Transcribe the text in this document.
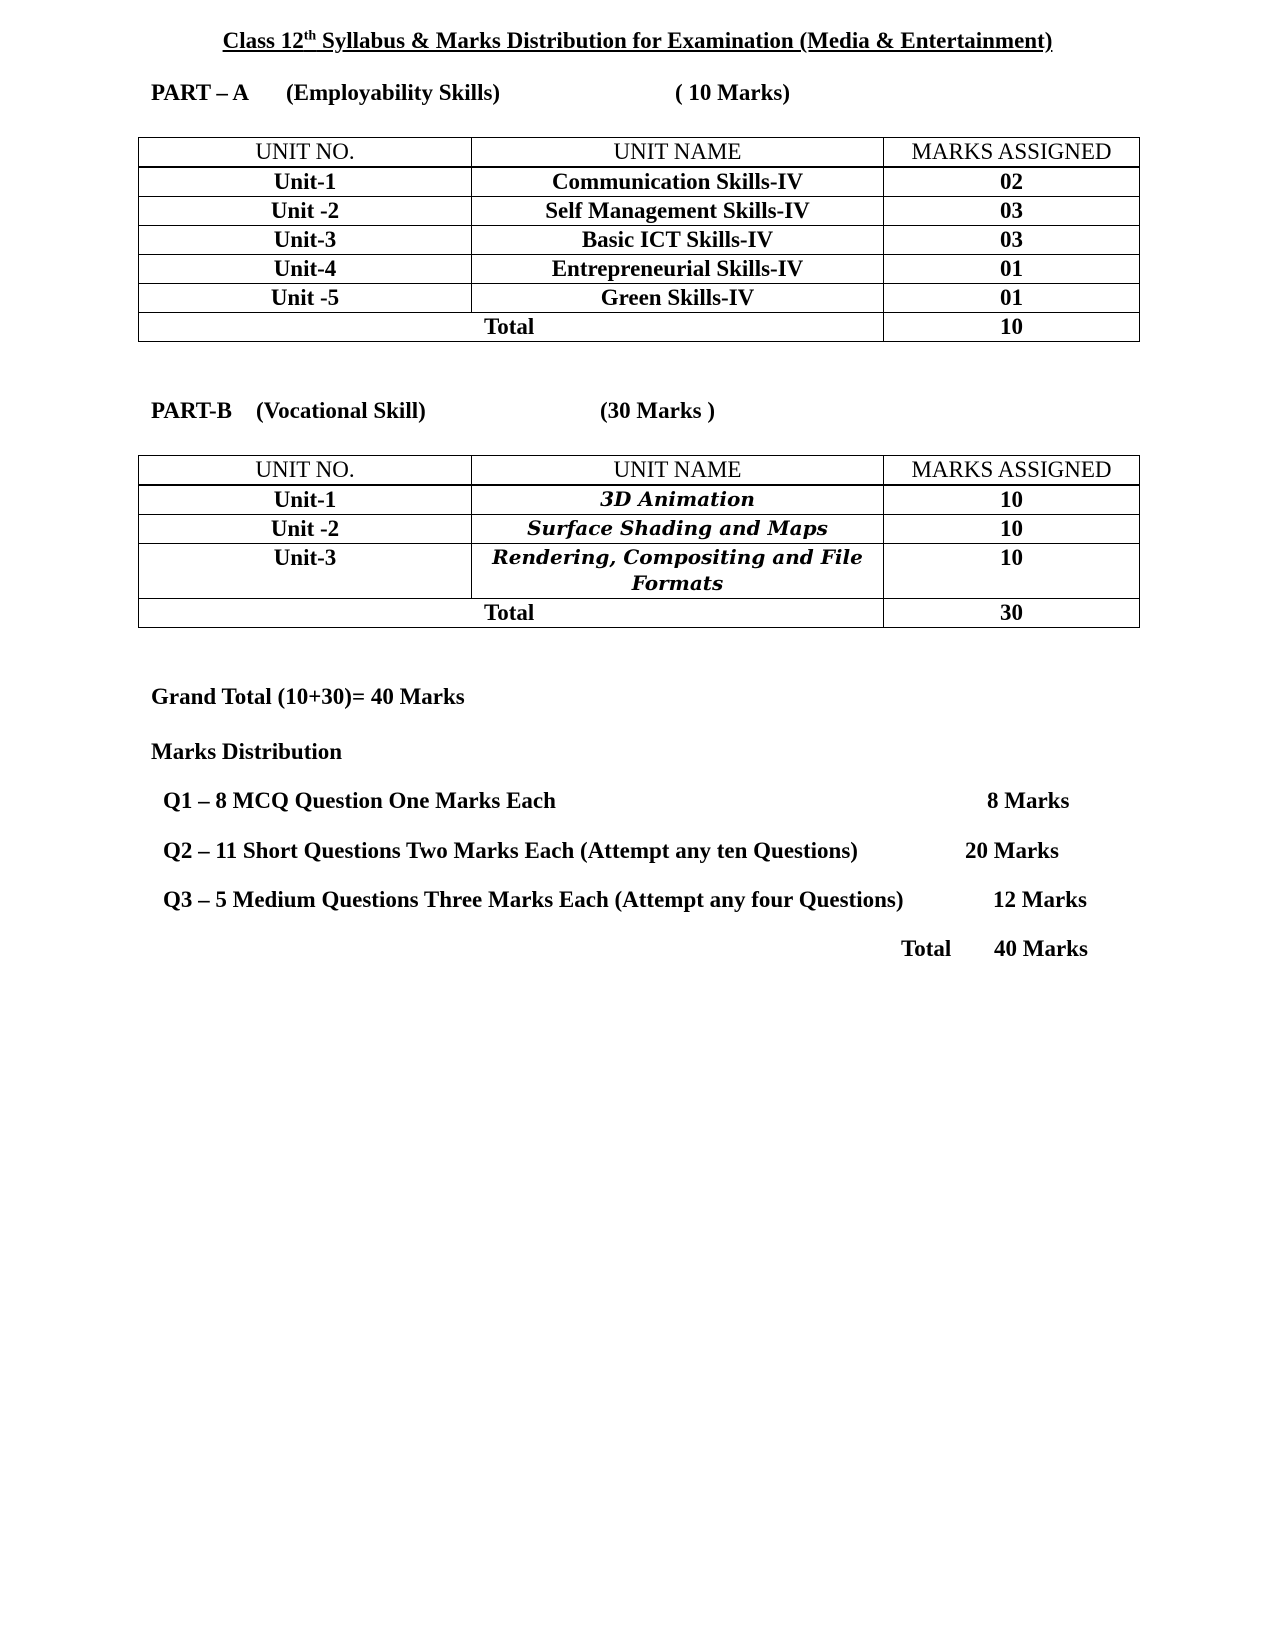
Class 12th Syllabus & Marks Distribution for Examination (Media & Entertainment)
PART – A (Employability Skills)	( 10 Marks)
UNIT NO.	UNIT NAME	MARKS ASSIGNED
Unit-1	Communication Skills-IV	02
Unit -2	Self Management Skills-IV	03
Unit-3	Basic ICT Skills-IV	03
Unit-4	Entrepreneurial Skills-IV	01
Unit -5	Green Skills-IV	01
Total		10
PART-B (Vocational Skill)	(30 Marks )
UNIT NO.	UNIT NAME	MARKS ASSIGNED
Unit-1	3D Animation	10
Unit -2	Surface Shading and Maps	10
Unit-3	Rendering, Compositing and File Formats	10
Total		30
Grand Total (10+30)= 40 Marks
Marks Distribution
Q1 – 8 MCQ Question One Marks Each	8 Marks
Q2 – 11 Short Questions Two Marks Each (Attempt any ten Questions)	20 Marks
Q3 – 5 Medium Questions Three Marks Each (Attempt any four Questions)	12 Marks
Total 40 Marks
